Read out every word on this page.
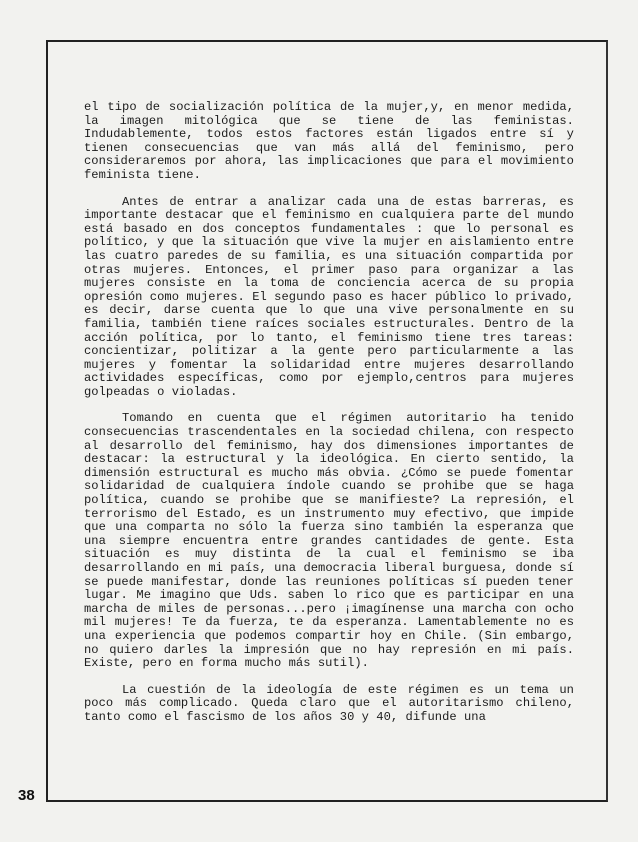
el tipo de socialización política de la mujer,y, en menor medida, la imagen mitológica que se tiene de las feministas. Indudablemente, todos estos factores están ligados entre sí y tienen consecuencias que van más allá del feminismo, pero consideraremos por ahora, las implicaciones que para el movimiento feminista tiene.

Antes de entrar a analizar cada una de estas barreras, es importante destacar que el feminismo en cualquiera parte del mundo está basado en dos conceptos fundamentales : que lo personal es político, y que la situación que vive la mujer en aislamiento entre las cuatro paredes de su familia, es una situación compartida por otras mujeres. Entonces, el primer paso para organizar a las mujeres consiste en la toma de conciencia acerca de su propia opresión como mujeres. El segundo paso es hacer público lo privado, es decir, darse cuenta que lo que una vive personalmente en su familia, también tiene raíces sociales estructurales. Dentro de la acción política, por lo tanto, el feminismo tiene tres tareas: concientizar, politizar a la gente pero particularmente a las mujeres y fomentar la solidaridad entre mujeres desarrollando actividades específicas, como por ejemplo,centros para mujeres golpeadas o violadas.

Tomando en cuenta que el régimen autoritario ha tenido consecuencias trascendentales en la sociedad chilena, con respecto al desarrollo del feminismo, hay dos dimensiones importantes de destacar: la estructural y la ideológica. En cierto sentido, la dimensión estructural es mucho más obvia. ¿Cómo se puede fomentar solidaridad de cualquiera índole cuando se prohibe que se haga política, cuando se prohibe que se manifieste? La represión, el terrorismo del Estado, es un instrumento muy efectivo, que impide que una comparta no sólo la fuerza sino también la esperanza que una siempre encuentra entre grandes cantidades de gente. Esta situación es muy distinta de la cual el feminismo se iba desarrollando en mi país, una democracia liberal burguesa, donde sí se puede manifestar, donde las reuniones políticas sí pueden tener lugar. Me imagino que Uds. saben lo rico que es participar en una marcha de miles de personas...pero ¡imagínense una marcha con ocho mil mujeres! Te da fuerza, te da esperanza. Lamentablemente no es una experiencia que podemos compartir hoy en Chile. (Sin embargo, no quiero darles la impresión que no hay represión en mi país. Existe, pero en forma mucho más sutil).

La cuestión de la ideología de este régimen es un tema un poco más complicado. Queda claro que el autoritarismo chileno, tanto como el fascismo de los años 30 y 40, difunde una

38
